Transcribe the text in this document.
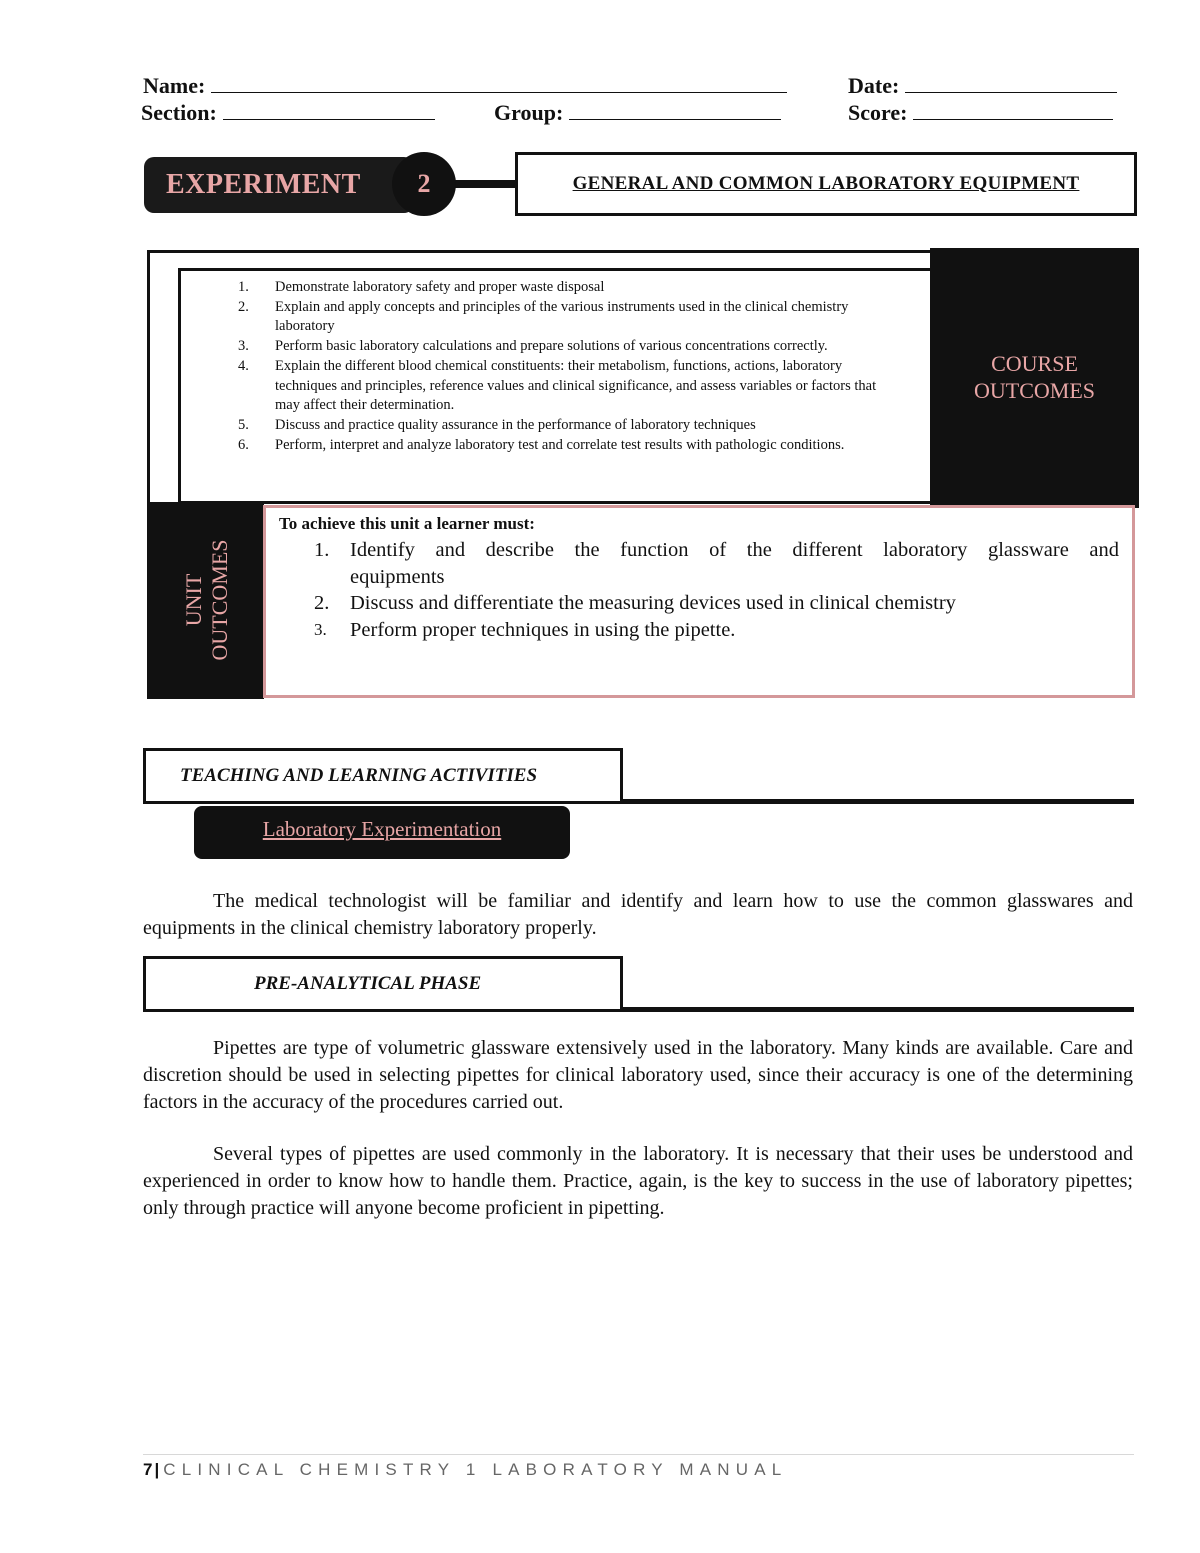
Name:	Date:
Section:	Group:	Score:
EXPERIMENT	2	GENERAL AND COMMON LABORATORY EQUIPMENT
COURSE
OUTCOMES
1. Demonstrate laboratory safety and proper waste disposal
2. Explain and apply concepts and principles of the various instruments used in the clinical chemistry laboratory
3. Perform basic laboratory calculations and prepare solutions of various concentrations correctly.
4. Explain the different blood chemical constituents: their metabolism, functions, actions, laboratory techniques and principles, reference values and clinical significance, and assess variables or factors that may affect their determination.
5. Discuss and practice quality assurance in the performance of laboratory techniques
6. Perform, interpret and analyze laboratory test and correlate test results with pathologic conditions.
UNIT OUTCOMES
To achieve this unit a learner must:
1. Identify and describe the function of the different laboratory glassware and
equipments
2. Discuss and differentiate the measuring devices used in clinical chemistry
3. Perform proper techniques in using the pipette.
TEACHING AND LEARNING ACTIVITIES
Laboratory Experimentation
The medical technologist will be familiar and identify and learn how to use the common glasswares and equipments in the clinical chemistry laboratory properly.
PRE-ANALYTICAL PHASE
Pipettes are type of volumetric glassware extensively used in the laboratory. Many kinds are available. Care and discretion should be used in selecting pipettes for clinical laboratory used, since their accuracy is one of the determining factors in the accuracy of the procedures carried out.
Several types of pipettes are used commonly in the laboratory. It is necessary that their uses be understood and experienced in order to know how to handle them. Practice, again, is the key to success in the use of laboratory pipettes; only through practice will anyone become proficient in pipetting.
7 | CLINICAL CHEMISTRY 1 LABORATORY MANUAL
